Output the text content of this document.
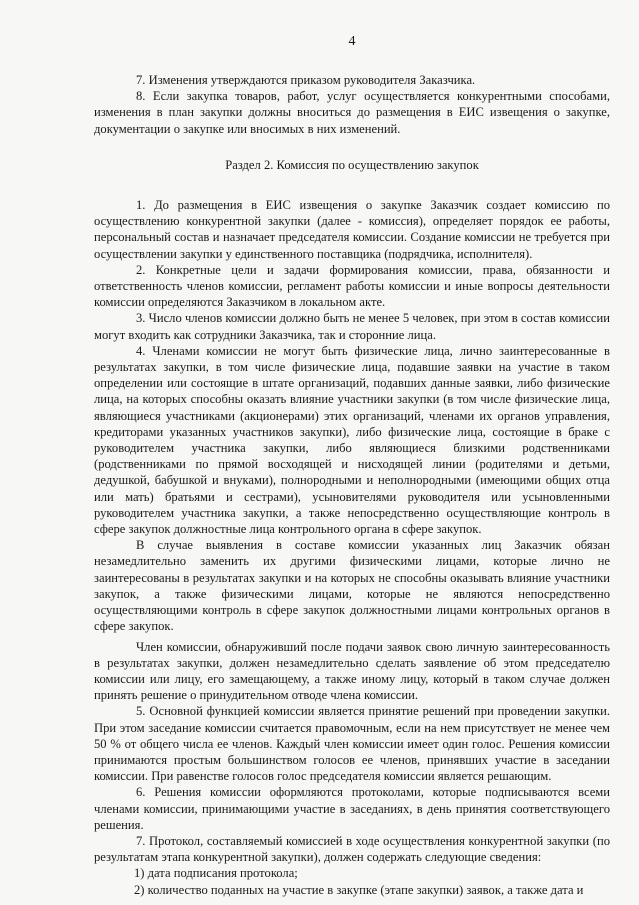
4

7. Изменения утверждаются приказом руководителя Заказчика.

8. Если закупка товаров, работ, услуг осуществляется конкурентными способами, изменения в план закупки должны вноситься до размещения в ЕИС извещения о закупке, документации о закупке или вносимых в них изменений.

Раздел 2. Комиссия по осуществлению закупок

1. До размещения в ЕИС извещения о закупке Заказчик создает комиссию по осуществлению конкурентной закупки (далее - комиссия), определяет порядок ее работы, персональный состав и назначает председателя комиссии. Создание комиссии не требуется при осуществлении закупки у единственного поставщика (подрядчика, исполнителя).

2. Конкретные цели и задачи формирования комиссии, права, обязанности и ответственность членов комиссии, регламент работы комиссии и иные вопросы деятельности комиссии определяются Заказчиком в локальном акте.

3. Число членов комиссии должно быть не менее 5 человек, при этом в состав комиссии могут входить как сотрудники Заказчика, так и сторонние лица.

4. Членами комиссии не могут быть физические лица, лично заинтересованные в результатах закупки, в том числе физические лица, подавшие заявки на участие в таком определении или состоящие в штате организаций, подавших данные заявки, либо физические лица, на которых способны оказать влияние участники закупки (в том числе физические лица, являющиеся участниками (акционерами) этих организаций, членами их органов управления, кредиторами указанных участников закупки), либо физические лица, состоящие в браке с руководителем участника закупки, либо являющиеся близкими родственниками (родственниками по прямой восходящей и нисходящей линии (родителями и детьми, дедушкой, бабушкой и внуками), полнородными и неполнородными (имеющими общих отца или мать) братьями и сестрами), усыновителями руководителя или усыновленными руководителем участника закупки, а также непосредственно осуществляющие контроль в сфере закупок должностные лица контрольного органа в сфере закупок.

В случае выявления в составе комиссии указанных лиц Заказчик обязан незамедлительно заменить их другими физическими лицами, которые лично не заинтересованы в результатах закупки и на которых не способны оказывать влияние участники закупок, а также физическими лицами, которые не являются непосредственно осуществляющими контроль в сфере закупок должностными лицами контрольных органов в сфере закупок.

Член комиссии, обнаруживший после подачи заявок свою личную заинтересованность в результатах закупки, должен незамедлительно сделать заявление об этом председателю комиссии или лицу, его замещающему, а также иному лицу, который в таком случае должен принять решение о принудительном отводе члена комиссии.

5. Основной функцией комиссии является принятие решений при проведении закупки. При этом заседание комиссии считается правомочным, если на нем присутствует не менее чем 50 % от общего числа ее членов. Каждый член комиссии имеет один голос. Решения комиссии принимаются простым большинством голосов ее членов, принявших участие в заседании комиссии. При равенстве голосов голос председателя комиссии является решающим.

6. Решения комиссии оформляются протоколами, которые подписываются всеми членами комиссии, принимающими участие в заседаниях, в день принятия соответствующего решения.

7. Протокол, составляемый комиссией в ходе осуществления конкурентной закупки (по результатам этапа конкурентной закупки), должен содержать следующие сведения:

1) дата подписания протокола;

2) количество поданных на участие в закупке (этапе закупки) заявок, а также дата и
